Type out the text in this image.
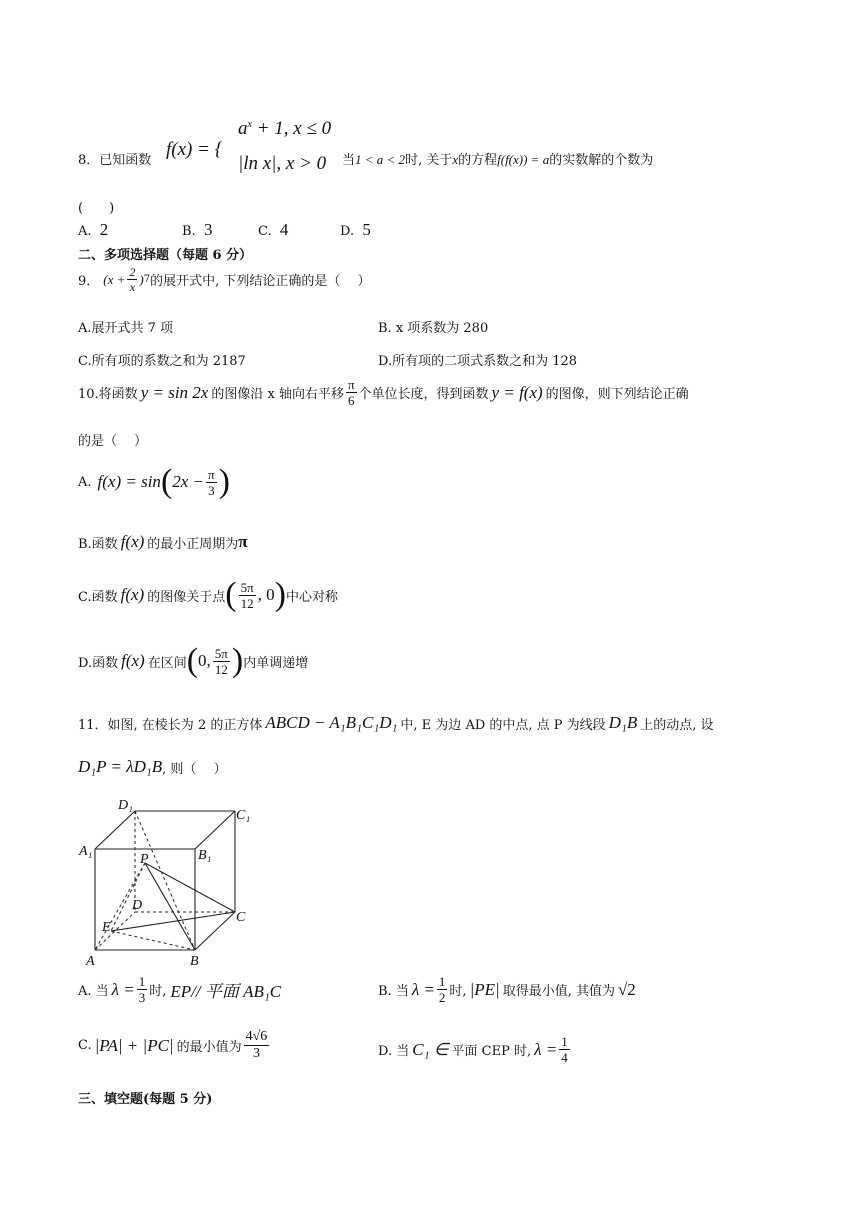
8．已知函数
f(x) = {
$a^x + 1$, x ≤ 0
|ln x|, x > 0 当1 < a < 2时, 关于x的方程f(f(x)) = a的实数解的个数为
(　　)
A. 2	B. 3	C. 4	D. 5
二、多项选择题（每题 6 分）
9． ($x + \frac{2}{x}$ ) 7 的展开式中, 下列结论正确的是（　 ）
A.展开式共 7 项	B. x 项系数为 280
C.所有项的系数之和为 2187	D.所有项的二项式系数之和为 128
10.将函数 y = sin 2x 的图像沿 x 轴向右平移 $\frac{\pi}{6}$ 个单位长度，得到函数 y = f(x) 的图像，则下列结论正确
的是（　 ）
A. f(x) = sin ( $2x - \frac{\pi}{3}$ )
B.函数 f(x) 的最小正周期为 π
C.函数 f(x) 的图像关于点 ( $\frac{5\pi}{12}$ , 0 ) 中心对称
D.函数 f(x) 在区间 ( 0, $\frac{5\pi}{12}$ ) 内单调递增
11．如图, 在棱长为 2 的正方体 ABCD − A₁B₁C₁D₁ 中, E 为边 AD 的中点, 点 P 为线段 D₁B 上的动点, 设
D₁P = λD₁B , 则（　 ）
D₁
C₁
A₁	B₁
P
D
C
E
A	B
A. 当 $\lambda = \frac{1}{3}$ 时, EP// 平面 AB₁C	B. 当 $\lambda = \frac{1}{2}$ 时, |PE| 取得最小值, 其值为 √2
C. |PA| + |PC| 的最小值为 $\frac{4√6}{3}$	D. 当 C₁ ∈ 平面 CEP 时, $\lambda = \frac{1}{4}$
三、填空题(每题 5 分)
